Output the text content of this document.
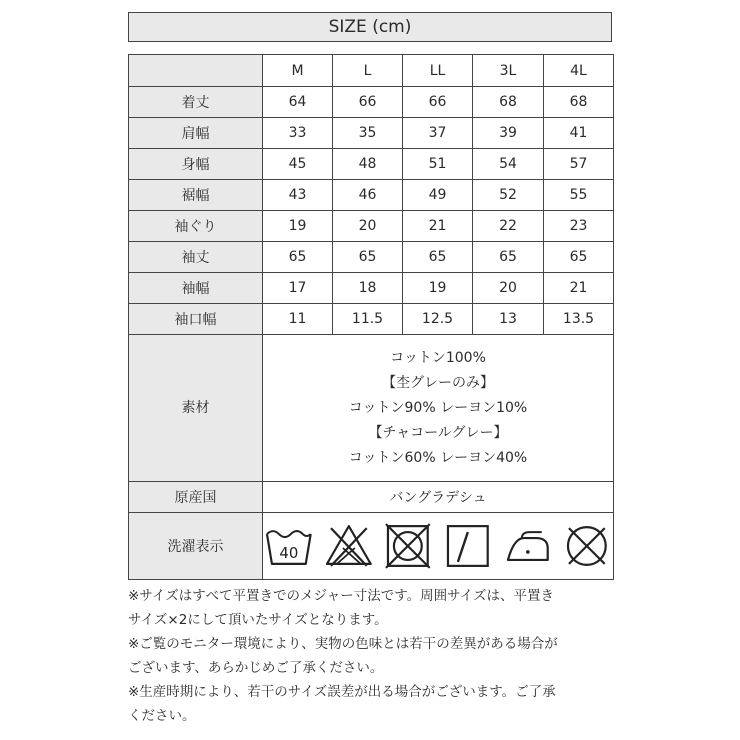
SIZE (cm)
	M	L	LL	3L	4L
着丈	64	66	66	68	68
肩幅	33	35	37	39	41
身幅	45	48	51	54	57
裾幅	43	46	49	52	55
袖ぐり	19	20	21	22	23
袖丈	65	65	65	65	65
袖幅	17	18	19	20	21
袖口幅	11	11.5	12.5	13	13.5
素材	コットン100%
【杢グレーのみ】
コットン90% レーヨン10%
【チャコールグレー】
コットン60% レーヨン40%				

原産国	バングラデシュ				
洗濯表示	40				

※サイズはすべて平置きでのメジャー寸法です。周囲サイズは、平置き
サイズ×2にして頂いたサイズとなります。

※ご覧のモニター環境により、実物の色味とは若干の差異がある場合が
ございます、あらかじめご了承ください。

※生産時期により、若干のサイズ誤差が出る場合がございます。ご了承
ください。
